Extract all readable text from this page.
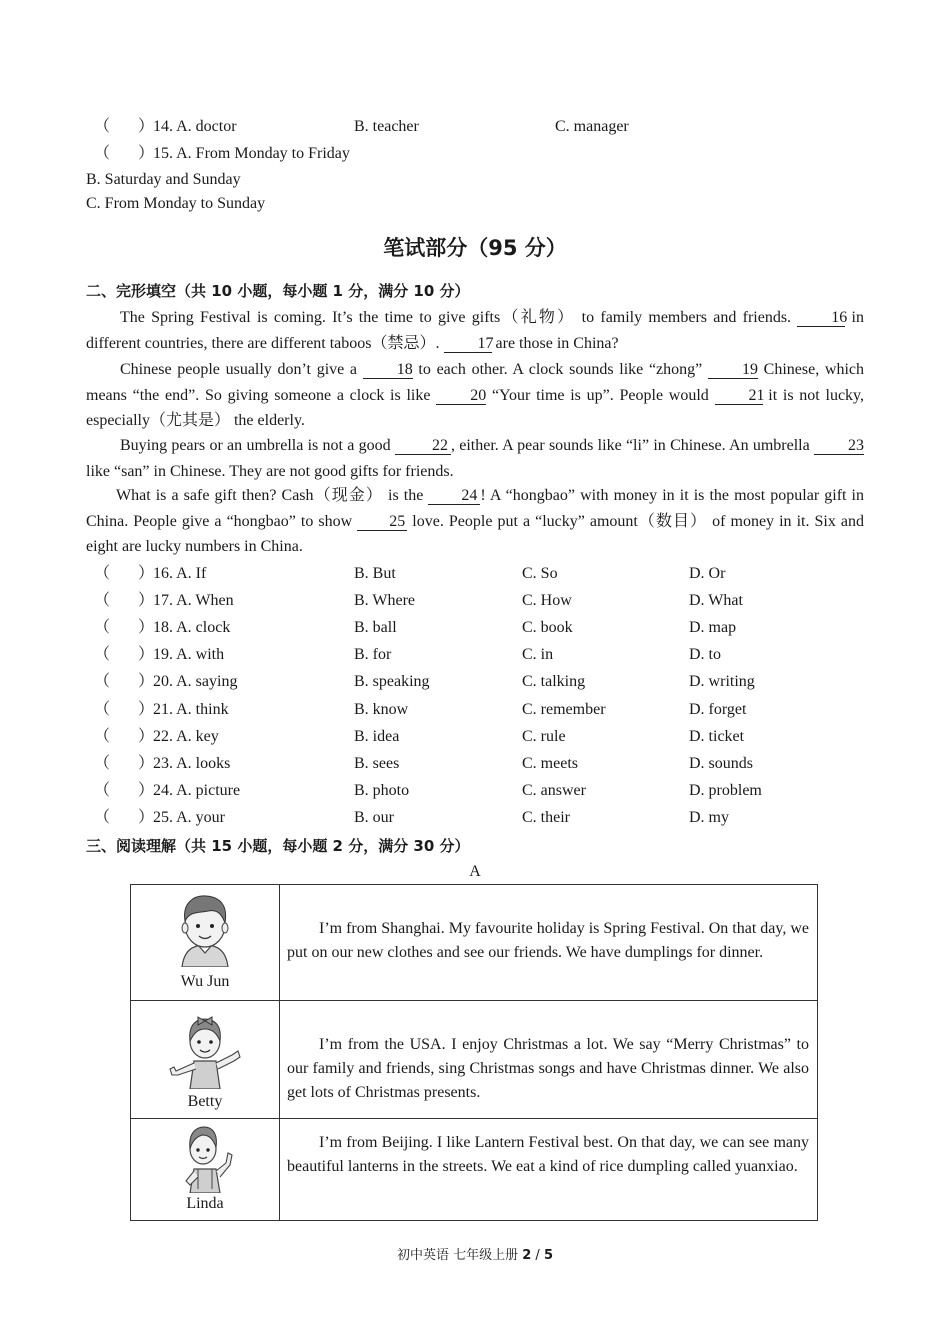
（ ）
14. A. doctor	B. teacher	C. manager
（ ）
15. A. From Monday to Friday
B. Saturday and Sunday
C. From Monday to Sunday
笔试部分（95 分）
二、完形填空（共 10 小题，每小题 1 分，满分 10 分）
The Spring Festival is coming. It’s the time to give gifts（礼物） to family members and friends. 16 in different countries, there are different taboos（禁忌）. 17 are those in China?
Chinese people usually don’t give a 18 to each other. A clock sounds like “zhong” 19 Chinese, which means “the end”. So giving someone a clock is like 20 “Your time is up”. People would 21 it is not lucky, especially（尤其是） the elderly.
Buying pears or an umbrella is not a good 22 , either. A pear sounds like “li” in Chinese. An umbrella 23 like “san” in Chinese. They are not good gifts for friends.
What is a safe gift then? Cash（现金） is the 24 ! A “hongbao” with money in it is the most popular gift in China. People give a “hongbao” to show 25 love. People put a “lucky” amount（数目） of money in it. Six and eight are lucky numbers in China.
（ ）
16. A. If	B. But	C. So	D. Or
（ ）
17. A. When	B. Where	C. How	D. What
（ ）
18. A. clock	B. ball	C. book	D. map
（ ）
19. A. with	B. for	C. in	D. to
（ ）
20. A. saying	B. speaking	C. talking	D. writing
（ ）
21. A. think	B. know	C. remember	D. forget
（ ）
22. A. key	B. idea	C. rule	D. ticket
（ ）
23. A. looks	B. sees	C. meets	D. sounds
（ ）
24. A. picture	B. photo	C. answer	D. problem
（ ）
25. A. your	B. our	C. their	D. my
三、阅读理解（共 15 小题，每小题 2 分，满分 30 分）
A
Wu Jun
I’m from Shanghai. My favourite holiday is Spring Festival. On that day, we put on our new clothes and see our friends. We have dumplings for dinner.
Betty
I’m from the USA. I enjoy Christmas a lot. We say “Merry Christmas” to our family and friends, sing Christmas songs and have Christmas dinner. We also get lots of Christmas presents.
Linda
I’m from Beijing. I like Lantern Festival best. On that day, we can see many beautiful lanterns in the streets. We eat a kind of rice dumpling called yuanxiao.
初中英语 七年级上册 2 / 5
